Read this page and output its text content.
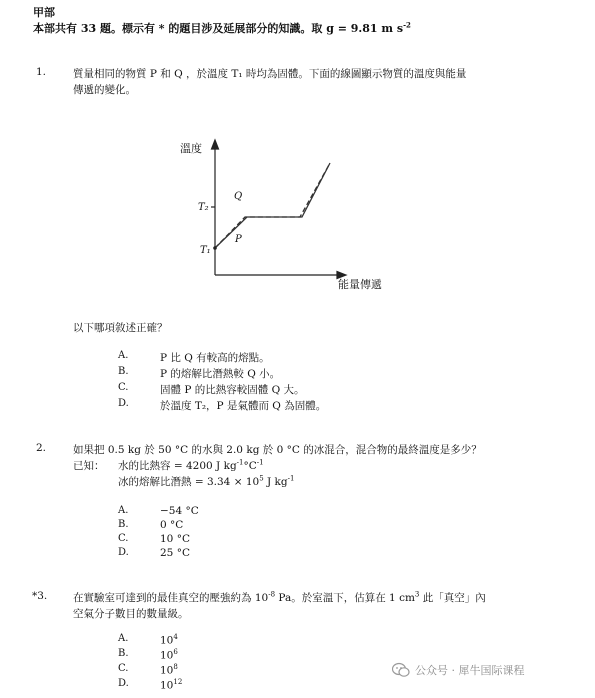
甲部
本部共有 33 題。標示有 * 的題目涉及延展部分的知識。取 g = 9.81 m $s^{-2}$
1.	質量相同的物質 P 和 Q ，於溫度 T₁ 時均為固體。下面的線圖顯示物質的溫度與能量
傳遞的變化。
溫度
能量傳遞
T₂
T₁
Q
P
以下哪項敘述正確？
A.	P 比 Q 有較高的熔點。
B.	P 的熔解比潛熱較 Q 小。
C.	固體 P 的比熱容較固體 Q 大。
D.	於溫度 T₂，P 是氣體而 Q 為固體。
2.	如果把 0.5 kg 於 50 °C 的水與 2.0 kg 於 0 °C 的冰混合，混合物的最終溫度是多少？
已知： 水的比熱容 = 4200 J $kg^{-1}^\circ C^{-1}$
冰的熔解比潛熱 = $3.34 \times 10^5$ J $kg^{-1}$
A.	−54 °C
B.	0 °C
C.	10 °C
D.	25 °C
*3. 在實驗室可達到的最佳真空的壓強約為 $10^{-8}$ Pa。於室溫下，估算在 1 $cm^3$ 此「真空」內
空氣分子數目的數量級。
A.	$10^4$
B.	$10^6$
C.	$10^8$
D.	$10^{12}$
公众号 · 犀牛国际课程
